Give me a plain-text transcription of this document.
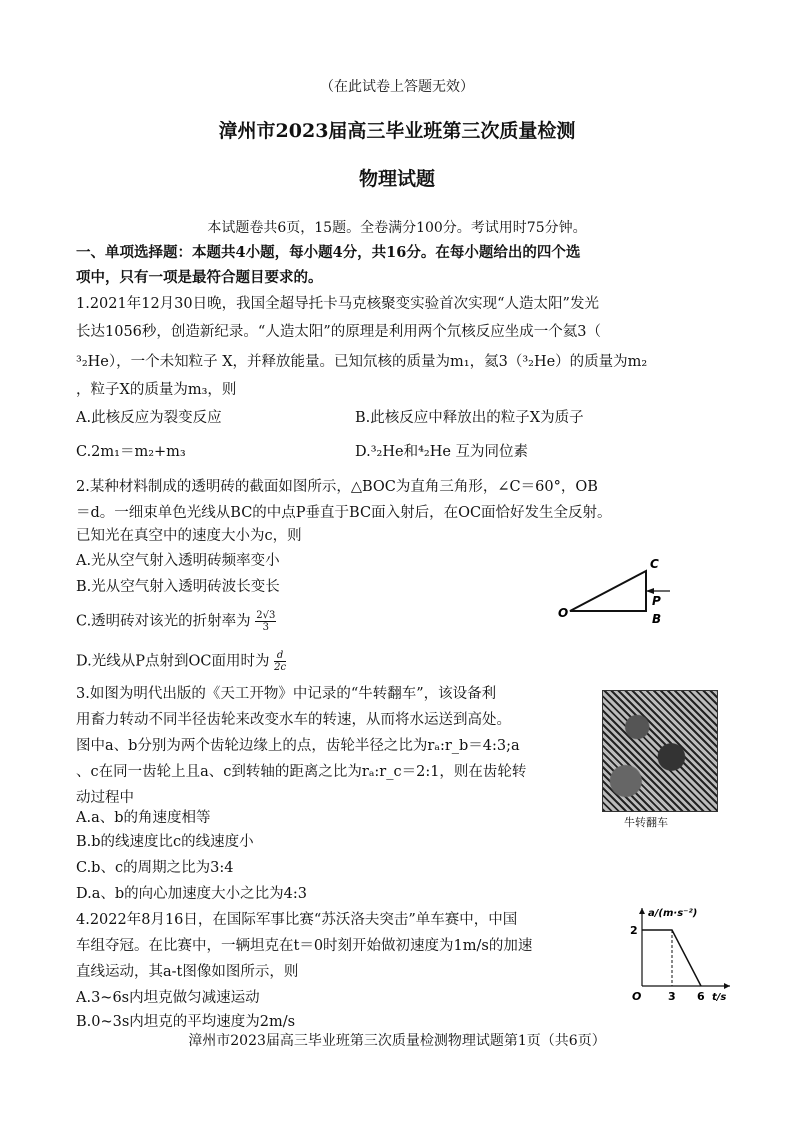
（在此试卷上答题无效）
漳州市2023届高三毕业班第三次质量检测
物理试题
本试题卷共6页，15题。全卷满分100分。考试用时75分钟。
一、单项选择题：本题共4小题，每小题4分，共16分。在每小题给出的四个选
项中，只有一项是最符合题目要求的。
1.2021年12月30日晚，我国全超导托卡马克核聚变实验首次实现“人造太阳”发光
长达1056秒，创造新纪录。“人造太阳”的原理是利用两个氘核反应坐成一个氦3（
³₂He），一个未知粒子 X，并释放能量。已知氘核的质量为m₁，氦3（³₂He）的质量为m₂
，粒子X的质量为m₃，则
A.此核反应为裂变反应	B.此核反应中释放出的粒子X为质子
C.2m₁＝m₂+m₃	D.³₂He和⁴₂He 互为同位素
2.某种材料制成的透明砖的截面如图所示，△BOC为直角三角形，∠C＝60°，OB
＝d。一细束单色光线从BC的中点P垂直于BC面入射后，在OC面恰好发生全反射。
已知光在真空中的速度大小为c，则
A.光从空气射入透明砖频率变小
B.光从空气射入透明砖波长变长
C.透明砖对该光的折射率为 $\frac{2√3}{3}$
D.光线从P点射到OC面用时为 $\frac{d}{2c}$
C
P
O	B
3.如图为明代出版的《天工开物》中记录的“牛转翻车”，该设备利
用畜力转动不同半径齿轮来改变水车的转速，从而将水运送到高处。
图中a、b分别为两个齿轮边缘上的点，齿轮半径之比为rₐ:r_b＝4:3;a
、c在同一齿轮上且a、c到转轴的距离之比为rₐ:r_c＝2:1，则在齿轮转
动过程中
A.a、b的角速度相等
B.b的线速度比c的线速度小
C.b、c的周期之比为3:4
D.a、b的向心加速度大小之比为4:3
牛转翻车
4.2022年8月16日，在国际军事比赛“苏沃洛夫突击”单车赛中，中国
车组夺冠。在比赛中，一辆坦克在t＝0时刻开始做初速度为1m/s的加速
直线运动，其a-t图像如图所示，则
A.3~6s内坦克做匀减速运动
B.0~3s内坦克的平均速度为2m/s
a/(m·s⁻²)
2
O 3 6 t/s
漳州市2023届高三毕业班第三次质量检测物理试题第1页（共6页）
